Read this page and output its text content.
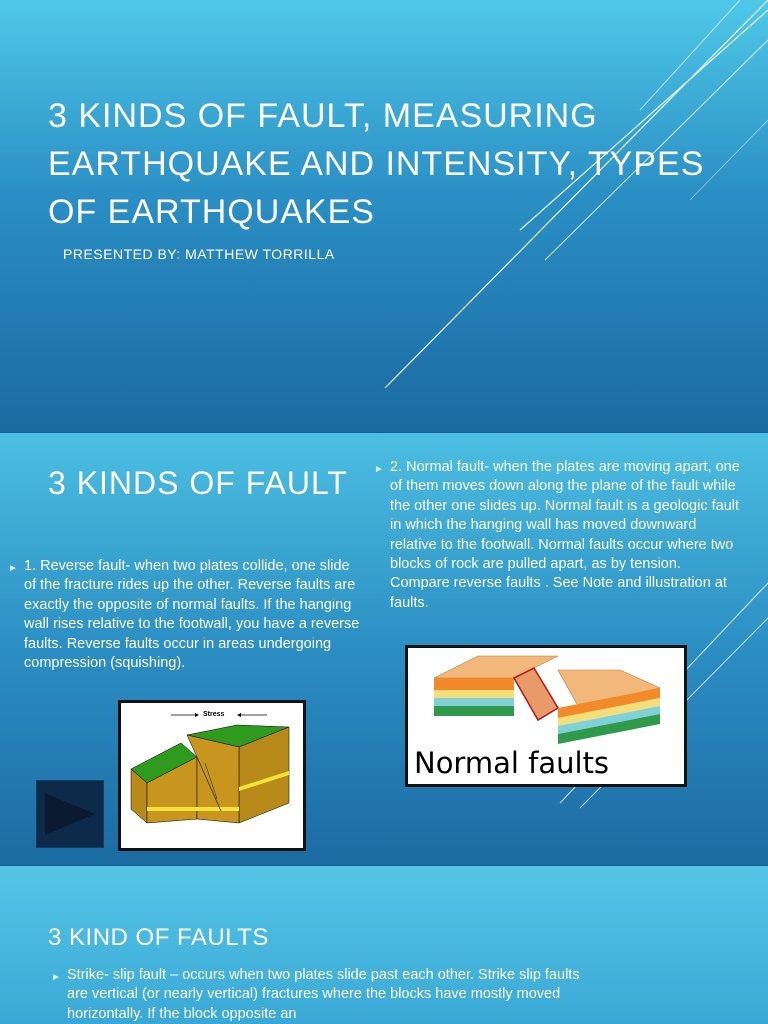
3 KINDS OF FAULT, MEASURING EARTHQUAKE AND INTENSITY, TYPES OF EARTHQUAKES
PRESENTED BY: MATTHEW TORRILLA
3 KINDS OF FAULT
► 1. Reverse fault- when two plates collide, one slide of the fracture rides up the other. Reverse faults are exactly the opposite of normal faults. If the hanging wall rises relative to the footwall, you have a reverse faults. Reverse faults occur in areas undergoing compression (squishing).
► 2. Normal fault- when the plates are moving apart, one of them moves down along the plane of the fault while the other one slides up. Normal fault is a geologic fault in which the hanging wall has moved downward relative to the footwall. Normal faults occur where two blocks of rock are pulled apart, as by tension. Compare reverse faults . See Note and illustration at faults.
Stress
Normal faults
3 KIND OF FAULTS
► Strike- slip fault – occurs when two plates slide past each other. Strike slip faults are vertical (or nearly vertical) fractures where the blocks have mostly moved horizontally. If the block opposite an
